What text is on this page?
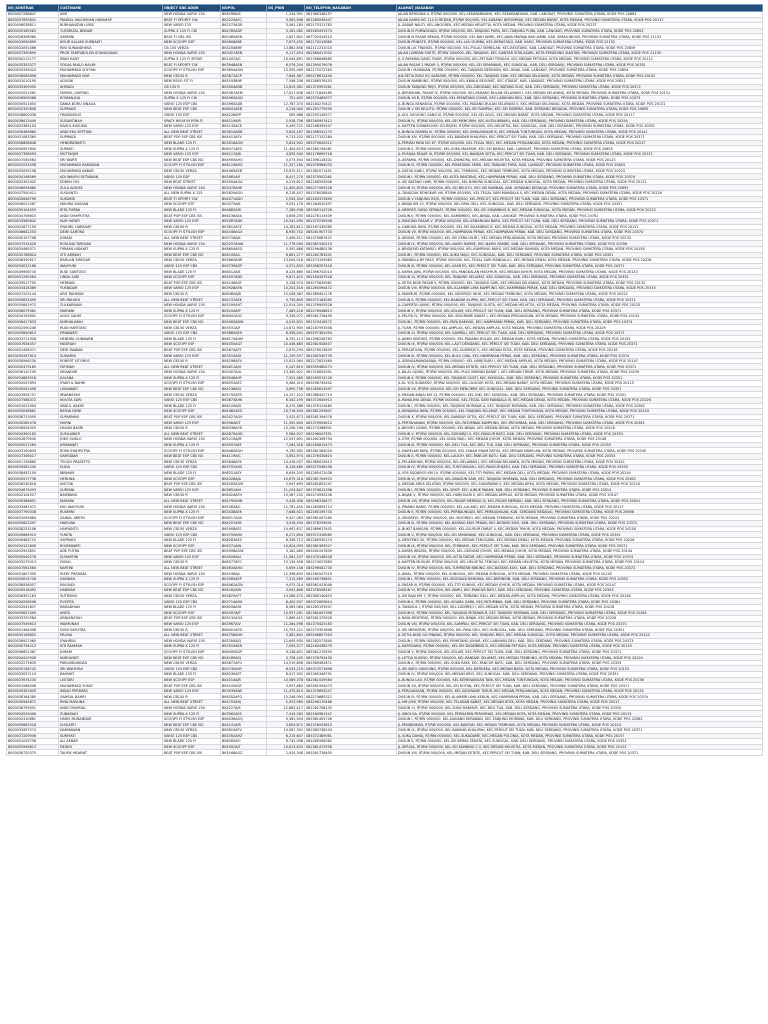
NO_KONTRAK	CUSTNAME	OBJECT SBS ADDR	NOPOL	OS_PRIN	NO_TELEPON_NASABAH	ALAMAT_NASABAH
8000007288847	AINI	NEW HONDA VARIO 150	BK6296AIS	1,244,991	081360348157	JALAN BERSAMA II, RT/RW 000/000, KEL.SEKARANDANG, KEC.SEKARANDANG, KAB. LANGKAT, PROVINSI SUMATERA UTARA, KODE POS 20863
8000037695841	PANGAL HALOMOAN HARAHAP	BEAT FI SPORTY CW	BK3225AFC	3,563,906	081260098347	JALAN KARYA NO 114 D MEDAN, RT/RW 000/000, KEL.KARANG BEROMBAK, KEC.MEDAN BARAT, KOTA MEDAN, PROVINSI SUMATERA UTARA, KODE POS 20117
8000036038811	BURHANUDIN LUBIS	NEW VARIO 125	BK2573AGR	3,061,185	082175311783	JL.SABAR NAUTI, KEL.ANGGREK, KEC.MEDAN HELVETIA, KOTA MEDAN, PROVINSI SUMATERA UTARA, KODE POS 20237
8000039165083	YUSSRIZAL BISNAR	SUPRA X 125 FI CW	BK4785ADP	3,161,082	085285091573	DUSUN III PURWODADI, RT/RW 000/000, KEL.TANJUNG PURA, KEC.TANJUNG PURA, KAB. LANGKAT, PROVINSI SUMATERA UTARA, KODE POS 20853
8000026308960	SARYANI	BEAT FI CBS ISS	BK2465AEN	2,827,801	087702414510	DUSUN III PASAR BEKAN, RT/RW 000/000, KEL.BAH JAMBI, KEC.JAWA MARAJA BAH JAMBI, KAB. SIMALUNGUN, PROVINSI SUMATERA UTARA, KODE POS 21153
8000033090699	NOUR SALAMI SURBAKTI	NEW SCOOPY ESP	BK5608ABE	7,873,255	082170215860	DUSUN PRINGTE, RT/RW 000/000, KEL.LAU GUMBA, KEC.BERASTAGI, KAB. KARO, PROVINSI SUMATERA UTARA, KODE POS 22152
8000032091466	RINI SURANDHEKA	CB 150 VERZA	BK3200BMF	13,881,858	082112231010	DUSUN LIK TRANSEL, RT/RW 000/000, KEL.PULAU SEMBILAN, KEC.BESITANG, KAB. LANGKAT, PROVINSI SUMATERA UTARA, KODE POS 20859
8000037390899	PROB TAMPUBOLON SITANGGANG	NEW HONDA VARIO 150	BK3427AEN	9,117,453	082384417002	JALAN LUMBAN SIHITE, RT/RW 000/000, KEL.TANJUNG, KEC.SIANTAR SITALASARI, KOTA PEMATANG SIANTAR, PROVINSI SUMATERA UTARA, KODE POS 21139
8000030212177	IMAN HADY	SUPRA X 125 FI SPOKE	BK1447AJC	10,944,891	081396646880	JL.S PARMAN GANG TAHIR, RT/RW 000/000, KEL.PETISAH TENGAH, KEC.MEDAN PETISAH, KOTA MEDAN, PROVINSI SUMATERA UTARA, KODE POS 20112
8000035353377	YOSUA PAULO HALIM	BEAT FI SPORTY CW	BK3946AEN	6,076,204	081390079076	JALAN PASAR 2 PASAR 3, RT/RW 000/000, KEL.SEI SEMAYANG, KEC.SUNGGAL, KAB. DELI SERDANG, PROVINSI SUMATERA UTARA, KODE POS 20351
8000035339410	MUHAMMAD SOFYAN	SCOOPY FI STYLISH ESP	BK3694AGN	13,505,589	082175572263	DUSUN I MARAKAN, RT/RW 000/000, KEL.TANJUNG BERINGIN, KEC.HINAI, KAB. LANGKAT, PROVINSI SUMATERA UTARA, KODE POS 20854
8000036085858	MUHAMMAD NUR	NEW CB150 R	BK3871ACP	7,645,367	085276612440	JLN SETIA BUDI GG SARUDIK, RT/RW 000/000, KEL.TANJUNG SARI, KEC.MEDAN SELAYANG, KOTA MEDAN, PROVINSI SUMATERA UTARA, KODE POS 20132
8000031010195	AGUSNI	NEW REVO FIT FI	BK5193BHP	7,556,336	081268576153	DUSUN RAMBUNG, RT/RW 000/000, KEL.KWALA BEGUMIT, KEC.STABAT, KAB. LANGKAT, PROVINSI SUMATERA UTARA, KODE POS 20811
8000035309950	AHMADI	CB 150 R	BK3004AHB	13,819,361	081370991561	DUSUN TANJUNG REJO, RT/RW 000/000, KEL.SIDODADI, KEC.BATANG KUIS, KAB. DELI SERDANG, PROVINSI SUMATERA UTARA, KODE POS 20372
8000032022562	FAHRUL GINTING	NEW HONDA VARIO 150	BK5367AEM	17,617,838	082171844185	JL.BERDIKARI, PASAR IV, RT/RW 000/000, KEL.PADANG BULAN SELAYANG I, KEC.MEDAN SELAYANG, KOTA MEDAN, PROVINSI SUMATERA UTARA, KODE POS 20131
8000036509086	ROSMALIDA	SUPRA X 125 FI CW	BK4963AGD	751,405	082370485977	DUSUN XII B, RT/RW 000/000, KEL.PEMATANG JOHAR, KEC.LABUHAN DELI, KAB. DELI SERDANG, PROVINSI SUMATERA UTARA, KODE POS 20373
8000030921603	DANIA BORU SINAGA	VARIO 125 ESP CBS	BK3960ADB	12,787,370	082184270421	JL.BUNGA KENANGA, RT/RW 000/000, KEL.PADANG BULAN SELAYANG II, KEC.MEDAN SELAYANG, KOTA MEDAN, PROVINSI SUMATERA UTARA, KODE POS 20131
8000032350858	SUPRIADI	NEW BEAT ESP CBS	BK6041AEB	4,216,940	081263779090	DUSUN V SEI BELUTU, RT/RW 000/000, KEL.SEI RAMPAH, KEC.SEI RAMPAH, KAB. SERDANG BEDAGAI, PROVINSI SUMATERA UTARA, KODE POS 20695
8000038800036	FRANSISKUS	VARIO 150 ESP	BK6226APF	565,988	082295145577	JL.KOL SUGIONO GANG III, RT/RW 000/000, KEL.SEI AGUL, KEC.MEDAN BARAT, KOTA MEDAN, PROVINSI SUMATERA UTARA, KODE POS 20117
8000038013449	SUSANTINAH	SPACY HELM IN PGM-FI	BK4219AIR	2,918,756	085260957412	DUSUN IV, RT/RW 000/000, KEL.SEI MENCIRIM, KEC.KUTALIMBARU, KAB. DELI SERDANG, PROVINSI SUMATERA UTARA, KODE POS 20354
8000033369103	RAHUL KUSUMA	NEW VARIO 125 ESP	BK5133ACE	5,449,731	082168395547	JL.KAPTEN SUMARSONO GG.REJEKI, RT/RW 000/000, KEL.HELVETIA, KEC.SUNGGAL, KAB. DELI SERDANG, PROVINSI SUMATERA UTARA, KODE POS 20351
8000036389860	ANDI EKA SEPTIAN	ALL NEW BEAT STREET	BK3810ADB	3,624,167	081396541175	JL.BUNGA RAMPAI IV, RT/RW 000/000, KEL.SIMALINGKAR B, KEC.MEDAN TUNTUNGAN, KOTA MEDAN, PROVINSI SUMATERA UTARA, KODE POS 20141
8000031083360	SUPRIADI	BEAT POP ESP CBS ISS	BK4413AFV	9,713,102	082177152284	DUSUN XIV, RT/RW 000/000, KEL.BANDAR KHALIPAH, KEC.PERCUT SEI TUAN, KAB. DELI SERDANG, PROVINSI SUMATERA UTARA, KODE POS 20371
8000038608648	HENDRAYANTO	NEW BLADE 125 FI	BK3018AGN	5,814,902	085370640312	JL.PERMAI RAYA NO 67, RT/RW 000/000, KEL.TEGAL REJO, KEC.MEDAN PERJUANGAN, KOTA MEDAN, PROVINSI SUMATERA UTARA, KODE POS 20237
8000030907640	SUMIATI	NEW SUPRA X 125 FI	BK6471AEO	11,404,623	081260744081	DUSUN II, RT/RW 000/000, KEL.SUKA MAKMUR, KEC.SEI BINGAI, KAB. LANGKAT, PROVINSI SUMATERA UTARA, KODE POS 20855
8000037398093	MUTTAQIM	NEW VARIO 125 ESP	BK4117AJB	4,835,940	082176899716	JL.PUSAKA PASAR IX, RT/RW 000/000, KEL.BANDAR SETIA, KEC.PERCUT SEI TUAN, KAB. DELI SERDANG, PROVINSI SUMATERA UTARA, KODE POS 20371
8000037040563	SRI WARTI	NEW BEAT ESP CBS ISS	BK4905AHO	5,073,554	081396118302	JL.ASRAMA, RT/RW 000/000, KEL.DWIKORA, KEC.MEDAN HELVETIA, KOTA MEDAN, PROVINSI SUMATERA UTARA, KODE POS 20123
8000032033558	MUHAMMAD RAMADAN	SCOOPY FI STYLISH ESP	BK6119AHG	11,327,160	082376984033	DUSUN III, RT/RW 000/000, KEL.PEMATANG SERAI, KEC.TANJUNG PURA, KAB. LANGKAT, PROVINSI SUMATERA UTARA, KODE POS 20853
8000035095198	MUHAMMAD AKBAR	NEW CB150 VERZA	BK4465AEB	15,670,511	081362071451	JL.DATUK KABU, RT/RW 000/000, KEL.TEMBUNG, KEC.MEDAN TEMBUNG, KOTA MEDAN, PROVINSI SUMATERA UTARA, KODE POS 20223
8000034198069	ADI WAHYU SETIAWAN	VARIO 150 ESP	BK3981AIF	8,417,270	082370502261	DUSUN I, RT/RW 000/000, KEL.KOTA RANTANG, KEC.HAMPARAN PERAK, KAB. DELI SERDANG, PROVINSI SUMATERA UTARA, KODE POS 20374
8000032302942	EDWIN YUS	NEW BEAT STREET	BK5504AGA	4,219,612	082168553906	JL.SEI BATANG HARI, RT/RW 000/000, KEL.BABURA SUNGGAL, KEC.MEDAN SUNGGAL, KOTA MEDAN, PROVINSI SUMATERA UTARA, KODE POS 20122
8000036094880	ZULA AGNITA	NEW HONDA VARIO 150	BK3470AHE	12,405,833	085277009128	DUSUN VI, RT/RW 000/000, KEL.SEI BELUTU, KEC.SEI BAMBAN, KAB. SERDANG BEDAGAI, PROVINSI SUMATERA UTARA, KODE POS 20695
8000037550411	SUGIANTO	ALL NEW SUPRA X 125	BK5620AGU	6,218,457	081376028840	JL.TANGGUK BONGKAR VIII, RT/RW 000/000, KEL.TEGAL SARI MANDALA II, KEC.MEDAN DENAI, KOTA MEDAN, PROVINSI SUMATERA UTARA, KODE POS 20226
8000030648790	SUKARDI	BEAT FI SPORTY CW	BK4071ADO	2,954,304	082183372694	DUSUN V TANJUNG REJO, RT/RW 000/000, KEL.PERCUT, KEC.PERCUT SEI TUAN, KAB. DELI SERDANG, PROVINSI SUMATERA UTARA, KODE POS 20371
8000038021067	MAHIRA SIAGIAN	NEW SCOOPY ESP	BK3375AJE	9,052,176	081264520397	JL.BINJAI KM 10, RT/RW 000/000, KEL.PAYA GELI, KEC.SUNGGAL, KAB. DELI SERDANG, PROVINSI SUMATERA UTARA, KODE POS 20351
8000039104459	RITA PURBA	NEW BLADE 125 FI	BK4882AIB	7,189,936	085360114728	JL.MERPATI GANG SEPAKAT, RT/RW 000/000, KEL.SEI SIKAMBING B, KEC.MEDAN SUNGGAL, KOTA MEDAN, PROVINSI SUMATERA UTARA, KODE POS 20122
8000034706615	ANDI SYAHPUTRA	BEAT POP ESP CBS ISS	BK6236AEA	3,806,255	082276114509	DUSUN II, RT/RW 000/000, KEL.SAMBIREJO, KEC.BINJAI, KAB. LANGKAT, PROVINSI SUMATERA UTARA, KODE POS 20761
8000033580842	NUR HAYATI	NEW VARIO 125 ESP	BK5087ADK	10,541,090	081375239948	JL.PANCING PASAR V, RT/RW 000/000, KEL.KENANGAN BARU, KEC.PERCUT SEI TUAN, KAB. DELI SERDANG, PROVINSI SUMATERA UTARA, KODE POS 20371
8000031877150	SYAHRIL HARAHAP	NEW CB150 R	BK3612AFZ	14,283,611	082167430085	JL.GARUDA RAYA, RT/RW 000/000, KEL.SEI SIKAMBING B, KEC.MEDAN SUNGGAL, KOTA MEDAN, PROVINSI SUMATERA UTARA, KODE POS 20122
8000036642253	DEWI SARTIKA	SCOOPY FI STYLISH ESP	BK4346AGX	8,930,742	085261907733	DUSUN VII, RT/RW 000/000, KEL.HAMPARAN PERAK, KEC.HAMPARAN PERAK, KAB. DELI SERDANG, PROVINSI SUMATERA UTARA, KODE POS 20374
8000030157706	JUMADI	ALL NEW BEAT STREET	BK5718AJK	2,406,511	081370667421	JL.ARUNG, RT/RW 000/000, KEL.SEI KERA HILIR I, KEC.MEDAN PERJUANGAN, KOTA MEDAN, PROVINSI SUMATERA UTARA, KODE POS 20233
8000037915428	ROSLINA TARIGAN	NEW HONDA VARIO 150	BK3257AHW	11,778,094	082361540219	DUSUN IV, RT/RW 000/000, KEL.NAMO RAMBE, KEC.NAMO RAMBE, KAB. DELI SERDANG, PROVINSI SUMATERA UTARA, KODE POS 20356
8000035469371	FIRMAN HIDAYAT	NEW SUPRA X 125 FI	BK6604AEQ	5,392,868	085296480136	JL.BRIGJEND KATAMSO, RT/RW 000/000, KEL.KAMPUNG BARU, KEC.MEDAN MAIMUN, KOTA MEDAN, PROVINSI SUMATERA UTARA, KODE POS 20158
8000032768824	SITI AMINAH	NEW BEAT ESP CBS ISS	BK4190AIL	6,661,277	081262783541	DUSUN I, RT/RW 000/000, KEL.SUKA MAJU, KEC.SUNGGAL, KAB. DELI SERDANG, PROVINSI SUMATERA UTARA, KODE POS 20351
8000038340917	RAMLAN SIREGAR	NEW CB150 VERZA	BK5863AHR	13,004,518	082274109983	JL.MANDALA BY PASS, RT/RW 000/000, KEL.TEGAL SARI MANDALA I, KEC.MEDAN DENAI, KOTA MEDAN, PROVINSI SUMATERA UTARA, KODE POS 20226
8000034022186	WAHYUNI	VARIO 125 ESP CBS	BK3739AGP	4,571,833	085358207416	DUSUN III, RT/RW 000/000, KEL.SAENTIS, KEC.PERCUT SEI TUAN, KAB. DELI SERDANG, PROVINSI SUMATERA UTARA, KODE POS 20371
8000036908730	BUDI SANTOSO	NEW BLADE 125 FI	BK6012AIE	8,125,660	081396752014	JL.KARYA JAYA, RT/RW 000/000, KEL.PANGKALAN MASYHUR, KEC.MEDAN JOHOR, KOTA MEDAN, PROVINSI SUMATERA UTARA, KODE POS 20143
8000031290564	LINDA SARI	NEW SCOOPY ESP	BK4597ADS	9,817,425	082160337528	DUSUN XI, RT/RW 000/000, KEL.TANJUNG SELAMAT, KEC.SUNGGAL, KAB. DELI SERDANG, PROVINSI SUMATERA UTARA, KODE POS 20351
8000039517705	HERMAN	BEAT POP ESP CBS ISS	BK5146AGF	3,158,974	085275630981	JL.SETIA BUDI PASAR II, RT/RW 000/000, KEL.TANJUNG SARI, KEC.MEDAN SELAYANG, KOTA MEDAN, PROVINSI SUMATERA UTARA, KODE POS 20132
8000033416389	YUSNIDAR	NEW VARIO 125 ESP	BK3928AFN	10,203,516	081265094472	DUSUN VIII, RT/RW 000/000, KEL.KLAMBIR LIMA KAMPUNG, KEC.HAMPARAN PERAK, KAB. DELI SERDANG, PROVINSI SUMATERA UTARA, KODE POS 20374
8000037203144	ARIF RAHMAN	NEW CB150 R	BK6385AJB	15,046,387	082389451176	JL.MAKMUR, RT/RW 000/000, KEL.SIDOREJO HILIR, KEC.MEDAN TEMBUNG, KOTA MEDAN, PROVINSI SUMATERA UTARA, KODE POS 20222
8000035825490	SRI RAHAYU	ALL NEW BEAT STREET	BK4722AEK	5,730,849	085372183065	DUSUN II, RT/RW 000/000, KEL.BANDAR KLIPPA, KEC.PERCUT SEI TUAN, KAB. DELI SERDANG, PROVINSI SUMATERA UTARA, KODE POS 20371
8000030641972	ZULKARNAIN	NEW HONDA VARIO 150	BK5290AHT	12,914,300	081376905526	JL.GAPERTA UJUNG, RT/RW 000/000, KEL.TANJUNG GUSTA, KEC.MEDAN HELVETIA, KOTA MEDAN, PROVINSI SUMATERA UTARA, KODE POS 20125
8000038079361	MARIANI	NEW SUPRA X 125 FI	BK3104AIP	7,483,218	082276548813	DUSUN V, RT/RW 000/000, KEL.KOLAM, KEC.PERCUT SEI TUAN, KAB. DELI SERDANG, PROVINSI SUMATERA UTARA, KODE POS 20371
8000034155602	AGUS SALIM	SCOOPY FI STYLISH ESP	BK6447AGC	9,336,072	085361728490	JL.PELITA IV, RT/RW 000/000, KEL.SIDORAME BARAT I, KEC.MEDAN PERJUANGAN, KOTA MEDAN, PROVINSI SUMATERA UTARA, KODE POS 20233
8000036417833	NURHALIMAH	NEW BEAT ESP CBS ISS	BK4063ADW	4,019,631	081370416572	DUSUN I, RT/RW 000/000, KEL.PAYA BAKUNG, KEC.HAMPARAN PERAK, KAB. DELI SERDANG, PROVINSI SUMATERA UTARA, KODE POS 20374
8000032590246	RUDI HARTONO	NEW CB150 VERZA	BK5531AJF	14,672,905	082167093348	JL.TUAR, RT/RW 000/000, KEL.AMPLAS, KEC.MEDAN AMPLAS, KOTA MEDAN, PROVINSI SUMATERA UTARA, KODE POS 20229
8000039840615	ERNAWATI	VARIO 125 ESP CBS	BK3860AEH	6,058,442	085297361054	DUSUN VI, RT/RW 000/000, KEL.SAMPALI, KEC.PERCUT SEI TUAN, KAB. DELI SERDANG, PROVINSI SUMATERA UTARA, KODE POS 20371
8000033711928	HENDRA GUNAWAN	NEW BLADE 125 FI	BK6174AHM	8,702,113	081396208763	JL.JAMIN GINTING, RT/RW 000/000, KEL.PADANG BULAN, KEC.MEDAN BARU, KOTA MEDAN, PROVINSI SUMATERA UTARA, KODE POS 20155
8000037634057	MASRIAH	NEW SCOOPY ESP	BK4355AGT	10,438,685	082361928407	DUSUN IX, RT/RW 000/000, KEL.LAUT DENDANG, KEC.PERCUT SEI TUAN, KAB. DELI SERDANG, PROVINSI SUMATERA UTARA, KODE POS 20371
8000031458371	DEDI IRAWAN	BEAT POP ESP CBS ISS	BK5674AFE	2,870,294	085276013659	JL.PERSATUAN, RT/RW 000/000, KEL.SUDIREJO II, KEC.MEDAN KOTA, KOTA MEDAN, PROVINSI SUMATERA UTARA, KODE POS 20218
8000035287614	SUMARNI	NEW VARIO 125 ESP	BK3519AID	11,109,537	081262540739	DUSUN III, RT/RW 000/000, KEL.BULU CINA, KEC.HAMPARAN PERAK, KAB. DELI SERDANG, PROVINSI SUMATERA UTARA, KODE POS 20374
8000038946230	ROBERT SITORUS	NEW CB150 R	BK6298AEV	15,812,064	082272831560	JL.SISINGAMANGARAJA, RT/RW 000/000, KEL.HARJOSARI I, KEC.MEDAN AMPLAS, KOTA MEDAN, PROVINSI SUMATERA UTARA, KODE POS 20147
8000030379185	FATIMAH	ALL NEW BEAT STREET	BK4811AJH	5,247,619	085359480273	DUSUN IV, RT/RW 000/000, KEL.MEDAN ESTATE, KEC.PERCUT SEI TUAN, KAB. DELI SERDANG, PROVINSI SUMATERA UTARA, KODE POS 20371
8000036120749	ISKANDAR	NEW HONDA VARIO 150	BK5407AGL	13,365,922	081370832951	JL.BILAL UJUNG, RT/RW 000/000, KEL.PULO BRAYAN DARAT I, KEC.MEDAN TIMUR, KOTA MEDAN, PROVINSI SUMATERA UTARA, KODE POS 20239
8000034863516	JULIANA	NEW SUPRA X 125 FI	BK3046AHF	7,921,480	082160574126	DUSUN II, RT/RW 000/000, KEL.TANJUNG GUSTI, KEC.SUNGGAL, KAB. DELI SERDANG, PROVINSI SUMATERA UTARA, KODE POS 20351
8000032047893	SYAIFUL BAHRI	SCOOPY FI STYLISH ESP	BK6553AEC	9,584,310	085296735402	JL.KL YOS SUDARSO, RT/RW 000/000, KEL.GLUGUR KOTA, KEC.MEDAN BARAT, KOTA MEDAN, PROVINSI SUMATERA UTARA, KODE POS 20115
8000039261408	LISNAWATI	NEW BEAT ESP CBS ISS	BK4236AIG	3,690,758	081265813097	DUSUN VII, RT/RW 000/000, KEL.SEI MENCIRIM, KEC.SUNGGAL, KAB. DELI SERDANG, PROVINSI SUMATERA UTARA, KODE POS 20351
8000033904757	IRWANSYAH	NEW CB150 VERZA	BK5792AFR	14,157,223	082386402719	JL.MEDAN BINJAI KM 12, RT/RW 000/000, KEL.DIKI, KEC.SUNGGAL, KAB. DELI SERDANG, PROVINSI SUMATERA UTARA, KODE POS 20351
8000037586372	NOVITA SARI	VARIO 125 ESP CBS	BK3673AHK	6,342,195	085372640913	JL.PANGLIMA DENAI, RT/RW 000/000, KEL.TEGAL SARI MANDALA III, KEC.MEDAN DENAI, KOTA MEDAN, PROVINSI SUMATERA UTARA, KODE POS 20226
8000031612904	ABDUL HAKIM	NEW BLADE 125 FI	BK6109AJD	8,470,386	081376123485	DUSUN I, RT/RW 000/000, KEL.TANJUNG MORAWA A, KEC.TANJUNG MORAWA, KAB. DELI SERDANG, PROVINSI SUMATERA UTARA, KODE POS 20362
8000035048661	RATNA DEWI	NEW SCOOPY ESP	BK4482AEG	10,716,549	082361295807	JL.KENANGA RAYA, RT/RW 000/000, KEL.TANJUNG SELAMAT, KEC.MEDAN TUNTUNGAN, KOTA MEDAN, PROVINSI SUMATERA UTARA, KODE POS 20134
8000038713095	SUPARMAN	BEAT POP ESP CBS ISS	BK5027AGV	3,025,873	085261394078	DUSUN X, RT/RW 000/000, KEL.BANDAR SETIA, KEC.PERCUT SEI TUAN, KAB. DELI SERDANG, PROVINSI SUMATERA UTARA, KODE POS 20371
8000030285478	MURNI	NEW VARIO 125 ESP	BK3984AIT	11,392,640	081370954612	JL.PERTAHANAN, RT/RW 000/000, KEL.PATUMBAK KAMPUNG, KEC.PATUMBAK, KAB. DELI SERDANG, PROVINSI SUMATERA UTARA, KODE POS 20361
8000036554329	HASAN BASRI	NEW CB150 R	BK6338AFB	15,298,706	082274368901	JL.BROMO UJUNG, RT/RW 000/000, KEL.BINJAI, KEC.MEDAN DENAI, KOTA MEDAN, PROVINSI SUMATERA UTARA, KODE POS 20228
8000034390182	SUSILAWATI	ALL NEW BEAT STREET	BK4675AHD	5,584,027	085296047351	DUSUN V, RT/RW 000/000, KEL.SIDOARJO II, KEC.PANCUR BATU, KAB. DELI SERDANG, PROVINSI SUMATERA UTARA, KODE POS 20353
8000032879540	JOKO SUSILO	NEW HONDA VARIO 150	BK5219AJM	12,537,891	081262306754	JL.STM, RT/RW 000/000, KEL.SUKA MAJU, KEC.MEDAN JOHOR, KOTA MEDAN, PROVINSI SUMATERA UTARA, KODE POS 20146
8000039017264	ASMAWATI	NEW SUPRA X 125 FI	BK3597AEF	7,264,318	082160812473	DUSUN III, RT/RW 000/000, KEL.DELI TUA, KEC.DELI TUA, KAB. DELI SERDANG, PROVINSI SUMATERA UTARA, KODE POS 20355
8000033150633	ROMI SYAHPUTRA	SCOOPY FI STYLISH ESP	BK6480AGH	9,190,562	085361584029	JL.MARELAN RAYA, RT/RW 000/000, KEL.TANAH ENAM RATUS, KEC.MEDAN MARELAN, KOTA MEDAN, PROVINSI SUMATERA UTARA, KODE POS 20245
8000037308417	SAMSIDAR	NEW BEAT ESP CBS ISS	BK4119AIC	3,852,974	081376430815	DUSUN II, RT/RW 000/000, KEL.LAUCIH, KEC.PANCUR BATU, KAB. DELI SERDANG, PROVINSI SUMATERA UTARA, KODE POS 20353
8000031726885	TEGUH PRASETYO	NEW CB150 VERZA	BK5846AFK	14,418,037	082389025614	JL.PELABUHAN, RT/RW 000/000, KEL.BELAWAN I, KEC.MEDAN BELAWAN, KOTA MEDAN, PROVINSI SUMATERA UTARA, KODE POS 20411
8000035581240	ELIDA	VARIO 125 ESP CBS	BK3702AHS	6,126,480	085372948106	DUSUN IV, RT/RW 000/000, KEL.TUNTUNGAN I, KEC.PANCUR BATU, KAB. DELI SERDANG, PROVINSI SUMATERA UTARA, KODE POS 20353
8000038492109	IBRAHIM	NEW BLADE 125 FI	BK6251AEY	8,639,205	081265472038	JL.YOS SUDARSO KM 10, RT/RW 000/000, KEL.TITI PAPAN, KEC.MEDAN DELI, KOTA MEDAN, PROVINSI SUMATERA UTARA, KODE POS 20244
8000030917736	HERLINA	NEW SCOOPY ESP	BK4328AJA	10,875,314	082361704925	DUSUN VI, RT/RW 000/000, KEL.BANGUN SARI, KEC.TANJUNG MORAWA, KAB. DELI SERDANG, PROVINSI SUMATERA UTARA, KODE POS 20362
8000036230418	ANTONI	BEAT POP ESP CBS ISS	BK5163AGM	2,947,659	085261803147	JL.MEDAN AREA SELATAN, RT/RW 000/000, KEL.SUKARAMAI II, KEC.MEDAN AREA, KOTA MEDAN, PROVINSI SUMATERA UTARA, KODE POS 20216
8000034675093	SURYANI	NEW VARIO 125 ESP	BK3851AIH	11,203,847	081370612398	DUSUN I, RT/RW 000/000, KEL.SEKIP, KEC.LUBUK PAKAM, KAB. DELI SERDANG, PROVINSI SUMATERA UTARA, KODE POS 20514
8000032104527	BAMBANG	NEW CB150 R	BK6424AFH	15,567,132	082274590236	JL.BAJAK V, RT/RW 000/000, KEL.HARJOSARI II, KEC.MEDAN AMPLAS, KOTA MEDAN, PROVINSI SUMATERA UTARA, KODE POS 20147
8000039388651	NURAINI	ALL NEW BEAT STREET	BK4790AHB	5,418,306	085296318472	DUSUN VIII, RT/RW 000/000, KEL.PAGAR MERBAU III, KEC.PAGAR MERBAU, KAB. DELI SERDANG, PROVINSI SUMATERA UTARA, KODE POS 20551
8000033461972	EKO WAHYUDI	NEW HONDA VARIO 150	BK5363AJC	12,781,450	081262894713	JL.PINANG BARIS, RT/RW 000/000, KEL.LALANG, KEC.MEDAN SUNGGAL, KOTA MEDAN, PROVINSI SUMATERA UTARA, KODE POS 20127
8000037790338	RUSMINI	NEW SUPRA X 125 FI	BK3438AEK	7,648,921	082160195734	DUSUN II, RT/RW 000/000, KEL.PERBAUNGAN, KEC.PERBAUNGAN, KAB. SERDANG BEDAGAI, PROVINSI SUMATERA UTARA, KODE POS 20986
8000031095864	ZAINAL ARIFIN	SCOOPY FI STYLISH ESP	BK6517AGK	9,427,083	085361047285	JL.SIDOREJO, RT/RW 000/000, KEL.SIDOREJO, KEC.MEDAN TEMBUNG, KOTA MEDAN, PROVINSI SUMATERA UTARA, KODE POS 20222
8000035822497	MARLINA	NEW BEAT ESP CBS ISS	BK4257AIM	3,516,294	081376259041	DUSUN III, RT/RW 000/000, KEL.BATANG KUIS PEKAN, KEC.BATANG KUIS, KAB. DELI SERDANG, PROVINSI SUMATERA UTARA, KODE POS 20372
8000038253106	HARYANTO	NEW CB150 VERZA	BK5908AFS	14,902,637	082389617402	JL.BUKIT BARISAN, RT/RW 000/000, KEL.GLUGUR DARAT II, KEC.MEDAN TIMUR, KOTA MEDAN, PROVINSI SUMATERA UTARA, KODE POS 20238
8000030664915	YUNITA	VARIO 125 ESP CBS	BK3759AHV	6,271,854	085372316085	DUSUN V, RT/RW 000/000, KEL.SEI SEMAYANG, KEC.SUNGGAL, KAB. DELI SERDANG, PROVINSI SUMATERA UTARA, KODE POS 20351
8000036483720	SAPRIADI	NEW BLADE 125 FI	BK6283AEZ	8,356,712	081265930174	JL.MENTENG VII, RT/RW 000/000, KEL.MEDAN TENGGARA, KEC.MEDAN DENAI, KOTA MEDAN, PROVINSI SUMATERA UTARA, KODE POS 20228
8000034122649	ROSMAWATI	NEW SCOOPY ESP	BK4371AJN	10,624,093	082361583027	DUSUN IX, RT/RW 000/000, KEL.TEMBUNG, KEC.PERCUT SEI TUAN, KAB. DELI SERDANG, PROVINSI SUMATERA UTARA, KODE POS 20371
8000032903851	ADE PUTRA	BEAT POP ESP CBS ISS	BK5098AGW	3,182,460	085261047839	JL.KARYA WISATA, RT/RW 000/000, KEL.GEDUNG JOHOR, KEC.MEDAN JOHOR, KOTA MEDAN, PROVINSI SUMATERA UTARA, KODE POS 20144
8000039540276	SUHARTINI	NEW VARIO 125 ESP	BK3926AIU	11,561,237	081370148526	DUSUN VII, RT/RW 000/000, KEL.KOTA DATAR, KEC.HAMPARAN PERAK, KAB. DELI SERDANG, PROVINSI SUMATERA UTARA, KODE POS 20374
8000033275013	FAISAL	NEW CB150 R	BK6377AFC	15,134,958	082274027863	JL.KAPTEN MUSLIM, RT/RW 000/000, KEL.HELVETIA TENGAH, KEC.MEDAN HELVETIA, KOTA MEDAN, PROVINSI SUMATERA UTARA, KODE POS 20124
8000037061584	KARTINI	ALL NEW BEAT STREET	BK4634AHG	5,659,148	085296581730	DUSUN IV, RT/RW 000/000, KEL.TUMPATAN NIBUNG, KEC.BATANG KUIS, KAB. DELI SERDANG, PROVINSI SUMATERA UTARA, KODE POS 20372
8000031847390	RIZKY PRATAMA	NEW HONDA VARIO 150	BK5246AJL	12,398,605	081262047519	JL.AMAL, RT/RW 000/000, KEL.SUNGGAL, KEC.MEDAN SUNGGAL, KOTA MEDAN, PROVINSI SUMATERA UTARA, KODE POS 20128
8000035614728	SARINAH	NEW SUPRA X 125 FI	BK3585AEP	7,312,569	082160736851	DUSUN I, RT/RW 000/000, KEL.SIDODADI RAMUNIA, KEC.BERINGIN, KAB. DELI SERDANG, PROVINSI SUMATERA UTARA, KODE POS 20552
8000038936057	MULYADI	SCOOPY FI STYLISH ESP	BK6462AGN	9,075,314	085361923048	JL.PASAR III, RT/RW 000/000, KEL.TITI KUNING, KEC.MEDAN JOHOR, KOTA MEDAN, PROVINSI SUMATERA UTARA, KODE POS 20147
8000030518492	HABIBAH	NEW BEAT ESP CBS ISS	BK4182AIN	3,941,806	081376508267	DUSUN VI, RT/RW 000/000, KEL.BARU, KEC.PANCUR BATU, KAB. DELI SERDANG, PROVINSI SUMATERA UTARA, KODE POS 20353
8000036397163	SUTRISNO	NEW CB150 VERZA	BK5829AFT	14,286,470	082389140653	JL.SM RAJA KM 7, RT/RW 000/000, KEL.TIMBANG DELI, KEC.MEDAN AMPLAS, KOTA MEDAN, PROVINSI SUMATERA UTARA, KODE POS 20148
8000034258506	PUSPITA	VARIO 125 ESP CBS	BK3714AHX	6,402,937	085372605814	DUSUN II, RT/RW 000/000, KEL.SIGARA GARA, KEC.PATUMBAK, KAB. DELI SERDANG, PROVINSI SUMATERA UTARA, KODE POS 20361
8000032041837	RAMADHAN	NEW BLADE 125 FI	BK6206AFA	8,583,064	081265193507	JL.TANGKUL I, RT/RW 000/000, KEL.SUDIREJO I, KEC.MEDAN KOTA, KOTA MEDAN, PROVINSI SUMATERA UTARA, KODE POS 20218
8000039827409	ANITA	NEW SCOOPY ESP	BK4397AJP	10,957,281	082361847306	DUSUN III, RT/RW 000/000, KEL.TANJUNG MORAWA B, KEC.TANJUNG MORAWA, KAB. DELI SERDANG, PROVINSI SUMATERA UTARA, KODE POS 20362
8000033702584	ARDIANSYAH	BEAT POP ESP CBS ISS	BK5132AGX	2,869,415	085261370928	JL.RAYA MENTENG, RT/RW 000/000, KEL.BINJAI, KEC.MEDAN DENAI, KOTA MEDAN, PROVINSI SUMATERA UTARA, KODE POS 20228
8000037549613	MAIMUNAH	NEW VARIO 125 ESP	BK3967AIV	11,284,596	081370425183	DUSUN VIII, RT/RW 000/000, KEL.SAMPALI, KEC.PERCUT SEI TUAN, KAB. DELI SERDANG, PROVINSI SUMATERA UTARA, KODE POS 20371
8000031364098	DONI SAPUTRA	NEW CB150 R	BK6401AFD	15,703,221	082274351698	JL.SEI MENCIRIM, RT/RW 000/000, KEL.PAYA GELI, KEC.SUNGGAL, KAB. DELI SERDANG, PROVINSI SUMATERA UTARA, KODE POS 20351
8000035106852	ERLINA	ALL NEW BEAT STREET	BK4758AHH	5,381,642	085296807354	JL.SETIA BUDI GG PINANG, RT/RW 000/000, KEL.TANJUNG REJO, KEC.MEDAN SUNGGAL, KOTA MEDAN, PROVINSI SUMATERA UTARA, KODE POS 20122
8000038927460	SYAHRIAL	NEW HONDA VARIO 150	BK5284AJQ	12,645,930	081262571840	DUSUN I, RT/RW 000/000, KEL.PEMATANG JOHAR, KEC.LABUHAN DELI, KAB. DELI SERDANG, PROVINSI SUMATERA UTARA, KODE POS 20373
8000030794213	SITI RAHMAH	NEW SUPRA X 125 FI	BK3519AER	7,095,377	082160438279	JL.KAPODANG, RT/RW 000/000, KEL.SEI SIKAMBING D, KEC.MEDAN PETISAH, KOTA MEDAN, PROVINSI SUMATERA UTARA, KODE POS 20119
8000036651387	JUMARI	SCOOPY FI STYLISH ESP	BK6495AGP	9,238,651	085361270593	DUSUN V, RT/RW 000/000, KEL.KOLAM, KEC.PERCUT SEI TUAN, KAB. DELI SERDANG, PROVINSI SUMATERA UTARA, KODE POS 20371
8000034410926	NURHAYATI	NEW BEAT ESP CBS ISS	BK4169AIQ	3,728,145	081376792430	JL.LETDA SUJONO, RT/RW 000/000, KEL.BANDAR SELAMAT, KEC.MEDAN TEMBUNG, KOTA MEDAN, PROVINSI SUMATERA UTARA, KODE POS 20224
8000032275635	PARLINDUNGAN	NEW CB150 VERZA	BK5871AFU	14,519,806	082389462871	DUSUN II, RT/RW 000/000, KEL.SUKA RAYA, KEC.PANCUR BATU, KAB. DELI SERDANG, PROVINSI SUMATERA UTARA, KODE POS 20353
8000039136742	SRI WAHYUNI	VARIO 125 ESP CBS	BK3745AHY	6,534,219	085372071698	JL.SEI BATU GINGGING, RT/RW 000/000, KEL.MERDEKA, KEC.MEDAN BARU, KOTA MEDAN, PROVINSI SUMATERA UTARA, KODE POS 20153
8000033057119	RAHMAT	NEW BLADE 125 FI	BK6239AFF	8,417,502	081265346791	DUSUN IV, RT/RW 000/000, KEL.MEDAN KRIO, KEC.SUNGGAL, KAB. DELI SERDANG, PROVINSI SUMATERA UTARA, KODE POS 20351
8000037874230	LESTARI	NEW SCOOPY ESP	BK4314AJR	10,589,378	082361029584	JL.BUNGA LAU, RT/RW 000/000, KEL.KEMENANGAN TANI, KEC.MEDAN TUNTUNGAN, KOTA MEDAN, PROVINSI SUMATERA UTARA, KODE POS 20136
8000031588046	MUHAMMAD YUSUF	BEAT POP ESP CBS ISS	BK5105AGY	3,097,682	085261594073	DUSUN VII, RT/RW 000/000, KEL.SEI ROTAN, KEC.PERCUT SEI TUAN, KAB. DELI SERDANG, PROVINSI SUMATERA UTARA, KODE POS 20371
8000035301629	INDAH PERMATA	NEW VARIO 125 ESP	BK3939AIW	11,470,815	081370693247	JL.PERJUANGAN, RT/RW 000/000, KEL.SIDORAME TIMUR, KEC.MEDAN PERJUANGAN, KOTA MEDAN, PROVINSI SUMATERA UTARA, KODE POS 20233
8000038164385	SAMSUL BAHRI	NEW CB150 R	BK6352AFG	15,246,093	082274685312	DUSUN III, RT/RW 000/000, KEL.KLAMBIR LIMA KEBUN, KEC.HAMPARAN PERAK, KAB. DELI SERDANG, PROVINSI SUMATERA UTARA, KODE POS 20374
8000030945872	RINA MARLINA	ALL NEW BEAT STREET	BK4703AHJ	5,503,960	085296170468	JL.HM JONI, RT/RW 000/000, KEL.TELADAN BARAT, KEC.MEDAN KOTA, KOTA MEDAN, PROVINSI SUMATERA UTARA, KODE POS 20217
8000036793051	ANDI SYAHRIAL	NEW HONDA VARIO 150	BK5227AJS	12,862,417	081262708135	DUSUN VI, RT/RW 000/000, KEL.SUKA MAKMUR, KEC.DELI TUA, KAB. DELI SERDANG, PROVINSI SUMATERA UTARA, KODE POS 20355
8000034539406	ZUBAIDAH	NEW SUPRA X 125 FI	BK3562AES	7,419,283	082160981547	JL.SIBOLGA, RT/RW 000/000, KEL.PERSIAPAN PERUMNAS, KEC.MEDAN KOTA, KOTA MEDAN, PROVINSI SUMATERA UTARA, KODE POS 20215
8000032310681	HARIS MUNANDAR	SCOOPY FI STYLISH ESP	BK6436AGQ	9,361,504	085361405726	DUSUN I, RT/RW 000/000, KEL.DAGANG KERAWAN, KEC.TANJUNG MORAWA, KAB. DELI SERDANG, PROVINSI SUMATERA UTARA, KODE POS 20362
8000039682518	SUGIARTI	NEW BEAT ESP CBS ISS	BK4141AIR	3,604,872	081376053819	JL.PENDIDIKAN, RT/RW 000/000, KEL.BANTAN, KEC.MEDAN TEMBUNG, KOTA MEDAN, PROVINSI SUMATERA UTARA, KODE POS 20224
8000033497274	DARMAWAN	NEW CB150 VERZA	BK5815AFV	14,067,351	082389738204	DUSUN IX, RT/RW 000/000, KEL.BANDAR KHALIPAH, KEC.PERCUT SEI TUAN, KAB. DELI SERDANG, PROVINSI SUMATERA UTARA, KODE POS 20371
8000037205946	SUMIYATI	VARIO 125 ESP CBS	BK3781AHZ	6,215,647	085372389061	JL.SUKA DAMAI, RT/RW 000/000, KEL.SUKADAME, KEC.MEDAN POLONIA, KOTA MEDAN, PROVINSI SUMATERA UTARA, KODE POS 20157
8000031029758	ALI AKBAR	NEW BLADE 125 FI	BK6265AFI	8,742,098	081265508362	DUSUN II, RT/RW 000/000, KEL.SEI BERAS SEKATA, KEC.SUNGGAL, KAB. DELI SERDANG, PROVINSI SUMATERA UTARA, KODE POS 20351
8000035946813	DEDEH	NEW SCOOPY ESP	BK4352AJT	10,813,632	082361472958	JL.SEROJA, RT/RW 000/000, KEL.SEI KAMBING C II, KEC.MEDAN HELVETIA, KOTA MEDAN, PROVINSI SUMATERA UTARA, KODE POS 20123
8000038720375	TAUFIK HIDAYAT	BEAT POP ESP CBS ISS	BK5168AGZ	2,910,348	085261728405	DUSUN VIII, RT/RW 000/000, KEL.MEDAN ESTATE, KEC.PERCUT SEI TUAN, KAB. DELI SERDANG, PROVINSI SUMATERA UTARA, KODE POS 20371
